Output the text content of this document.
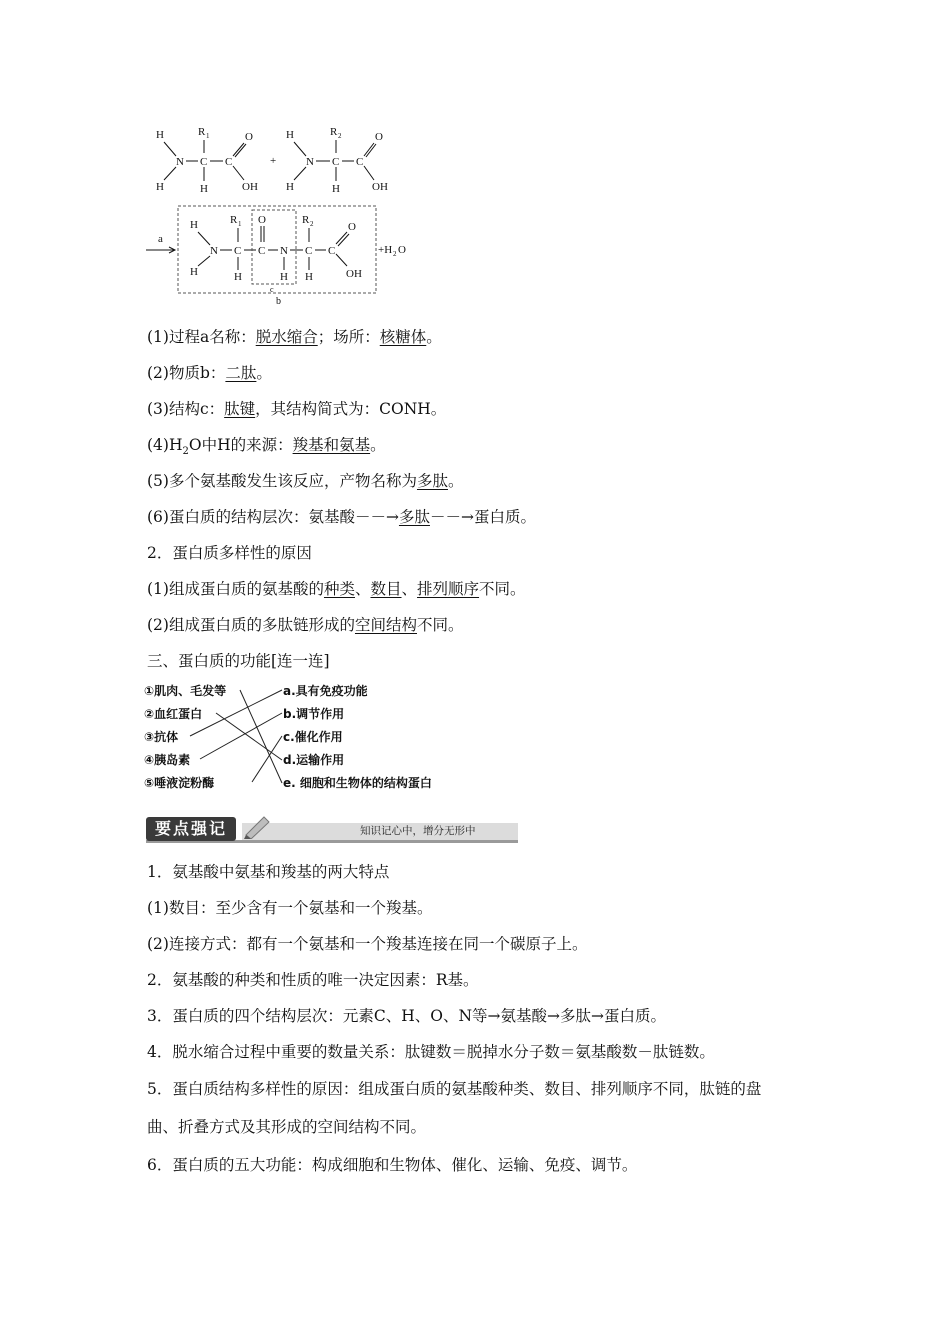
H
H
N
R 1
C C
O
H	OH
+
H
H
N
R 2
C C
O
H	OH
a
H
H
N
R 1
C
H
O
C N
H
R 2
C
H
C
O
OH
+H 2 O
c
b
(1)过程a名称：脱水缩合；场所：核糖体。
(2)物质b：二肽。
(3)结构c：肽键，其结构简式为：CONH。
$(4)H_2O$中H的来源：羧基和氨基。
(5)多个氨基酸发生该反应，产物名称为多肽。
(6)蛋白质的结构层次：氨基酸－－→多肽－－→蛋白质。
2．蛋白质多样性的原因
(1)组成蛋白质的氨基酸的种类、数目、排列顺序不同。
(2)组成蛋白质的多肽链形成的空间结构不同。
三、蛋白质的功能[连一连]
①肌肉、毛发等
②血红蛋白
③抗体
④胰岛素
⑤唾液淀粉酶
a.具有免疫功能
b.调节作用
c.催化作用
d.运输作用
e. 细胞和生物体的结构蛋白
要点强记	知识记心中，增分无形中
1．氨基酸中氨基和羧基的两大特点
(1)数目：至少含有一个氨基和一个羧基。
(2)连接方式：都有一个氨基和一个羧基连接在同一个碳原子上。
2．氨基酸的种类和性质的唯一决定因素：R基。
3．蛋白质的四个结构层次：元素C、H、O、N等→氨基酸→多肽→蛋白质。
4．脱水缩合过程中重要的数量关系：肽键数＝脱掉水分子数＝氨基酸数－肽链数。
5．蛋白质结构多样性的原因：组成蛋白质的氨基酸种类、数目、排列顺序不同，肽链的盘
曲、折叠方式及其形成的空间结构不同。
6．蛋白质的五大功能：构成细胞和生物体、催化、运输、免疫、调节。
